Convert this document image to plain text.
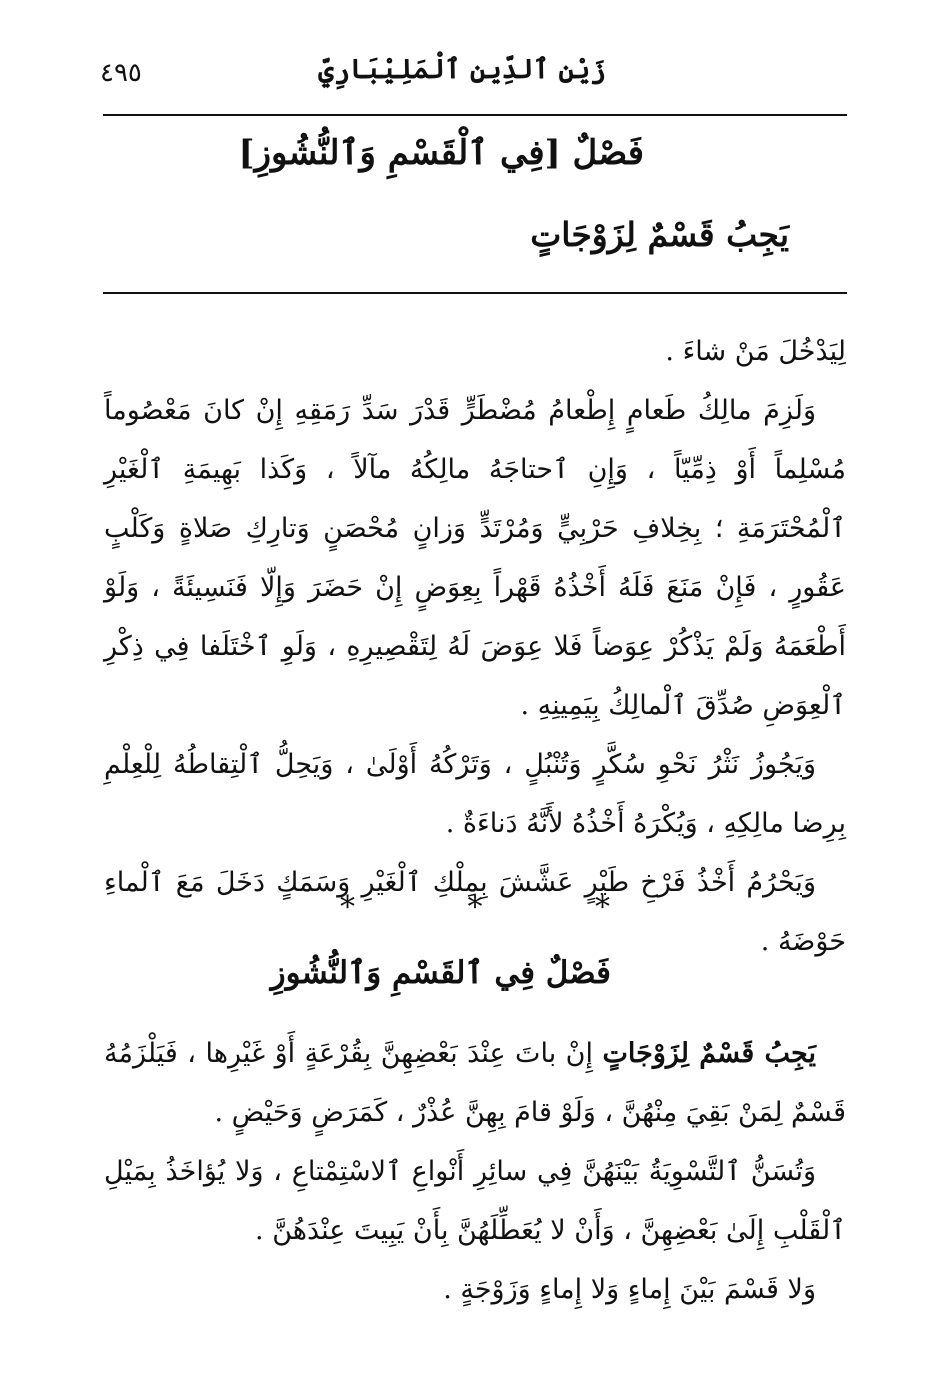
٤٩٥	زَيْنِ ٱلدِّينِ ٱلْمَلِيْبَارِيِّ
فَصْلٌ [فِي ٱلْقَسْمِ وَٱلنُّشُوزِ]
يَجِبُ قَسْمٌ لِزَوْجَاتٍ

لِيَدْخُلَ مَنْ شاءَ .

وَلَزِمَ مالِكُ طَعامٍ إِطْعامُ مُضْطَرٍّ قَدْرَ سَدِّ رَمَقِهِ إِنْ كانَ مَعْصُوماً مُسْلِماً أَوْ ذِمِّيّاً ، وَإِنِ ٱحتاجَهُ مالِكُهُ مآلاً ، وَكَذا بَهِيمَةِ ٱلْغَيْرِ ٱلْمُحْتَرَمَةِ ؛ بِخِلافِ حَرْبِيٍّ وَمُرْتَدٍّ وَزانٍ مُحْصَنٍ وَتارِكِ صَلاةٍ وَكَلْبٍ عَقُورٍ ، فَإِنْ مَنَعَ فَلَهُ أَخْذُهُ قَهْراً بِعِوَضٍ إِنْ حَضَرَ وَإِلّا فَنَسِيئَةً ، وَلَوْ أَطْعَمَهُ وَلَمْ يَذْكُرْ عِوَضاً فَلا عِوَضَ لَهُ لِتَقْصِيرِهِ ، وَلَوِ ٱخْتَلَفا فِي ذِكْرِ ٱلْعِوَضِ صُدِّقَ ٱلْمالِكُ بِيَمِينِهِ .

وَيَجُوزُ نَثْرُ نَحْوِ سُكَّرٍ وَتُنْبُلٍ ، وَتَرْكُهُ أَوْلَىٰ ، وَيَحِلُّ ٱلْتِقاطُهُ لِلْعِلْمِ بِرِضا مالِكِهِ ، وَيُكْرَهُ أَخْذُهُ لأَنَّهُ دَناءَةٌ .

وَيَحْرُمُ أَخْذُ فَرْخِ طَيْرٍ عَشَّشَ بِمِلْكِ ٱلْغَيْرِ وَسَمَكٍ دَخَلَ مَعَ ٱلْماءِ حَوْضَهُ .

*	*	*
فَصْلٌ فِي ٱلقَسْمِ وَٱلنُّشُوزِ

يَجِبُ قَسْمٌ لِزَوْجَاتٍ إِنْ باتَ عِنْدَ بَعْضِهِنَّ بِقُرْعَةٍ أَوْ غَيْرِها ، فَيَلْزَمُهُ قَسْمٌ لِمَنْ بَقِيَ مِنْهُنَّ ، وَلَوْ قامَ بِهِنَّ عُذْرٌ ، كَمَرَضٍ وَحَيْضٍ .

وَتُسَنُّ ٱلتَّسْوِيَةُ بَيْنَهُنَّ فِي سائِرِ أَنْواعِ ٱلاسْتِمْتاعِ ، وَلا يُؤاخَذُ بِمَيْلِ ٱلْقَلْبِ إِلَىٰ بَعْضِهِنَّ ، وَأَنْ لا يُعَطِّلَهُنَّ بِأَنْ يَبِيتَ عِنْدَهُنَّ .

وَلا قَسْمَ بَيْنَ إِماءٍ وَلا إِماءٍ وَزَوْجَةٍ .
